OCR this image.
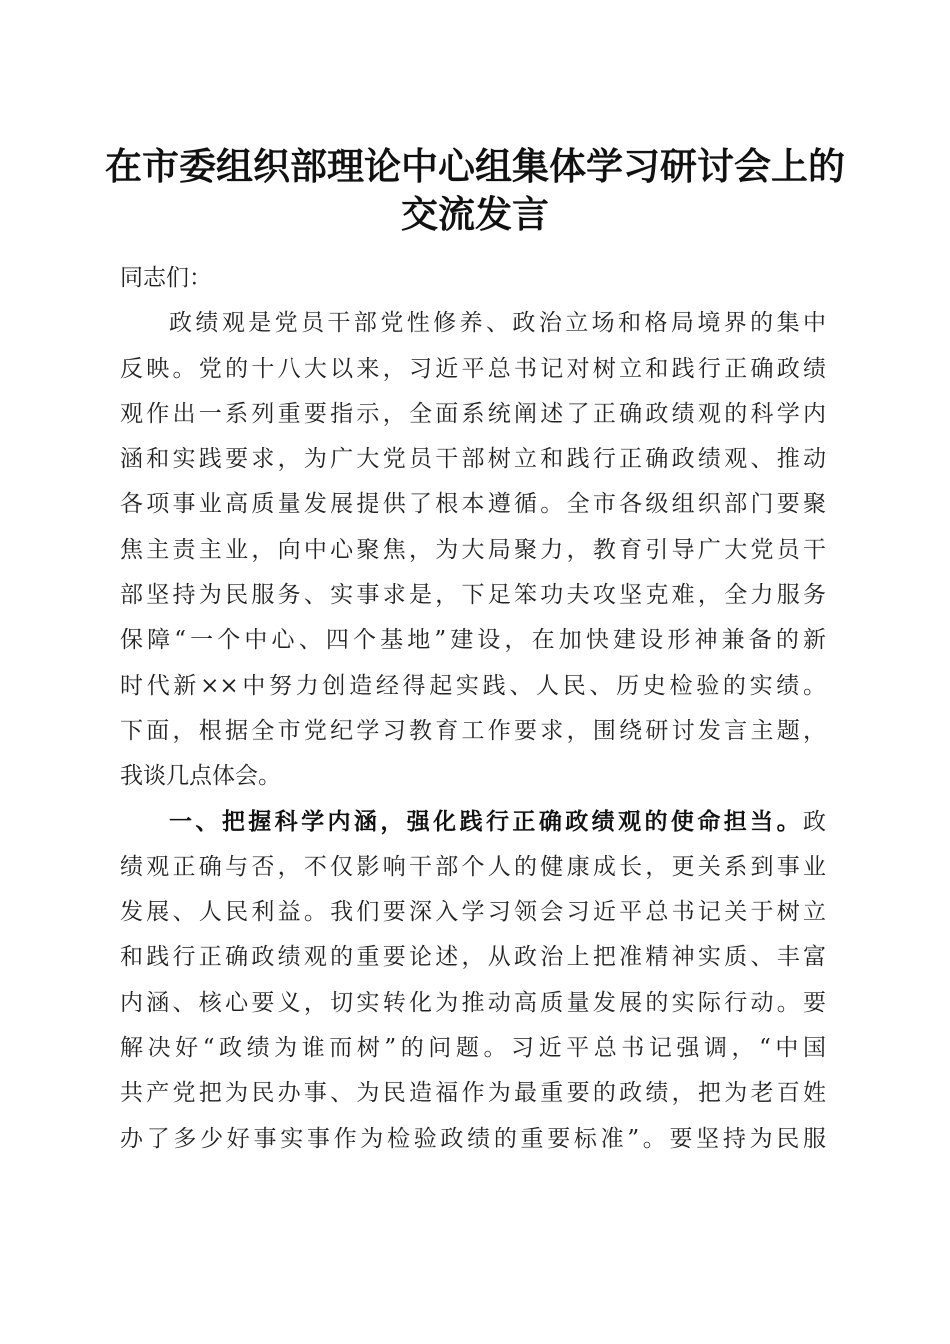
在市委组织部理论中心组集体学习研讨会上的
交流发言
同志们：
政绩观是党员干部党性修养、政治立场和格局境界的集中
反映。党的十八大以来，习近平总书记对树立和践行正确政绩
观作出一系列重要指示，全面系统阐述了正确政绩观的科学内
涵和实践要求，为广大党员干部树立和践行正确政绩观、推动
各项事业高质量发展提供了根本遵循。全市各级组织部门要聚
焦主责主业，向中心聚焦，为大局聚力，教育引导广大党员干
部坚持为民服务、实事求是，下足笨功夫攻坚克难，全力服务
保障“一个中心、四个基地”建设，在加快建设形神兼备的新
时代新××中努力创造经得起实践、人民、历史检验的实绩。
下面，根据全市党纪学习教育工作要求，围绕研讨发言主题，
我谈几点体会。
一、把握科学内涵，强化践行正确政绩观的使命担当。政
绩观正确与否，不仅影响干部个人的健康成长，更关系到事业
发展、人民利益。我们要深入学习领会习近平总书记关于树立
和践行正确政绩观的重要论述，从政治上把准精神实质、丰富
内涵、核心要义，切实转化为推动高质量发展的实际行动。要
解决好“政绩为谁而树”的问题。习近平总书记强调，“中国
共产党把为民办事、为民造福作为最重要的政绩，把为老百姓
办了多少好事实事作为检验政绩的重要标准”。要坚持为民服
